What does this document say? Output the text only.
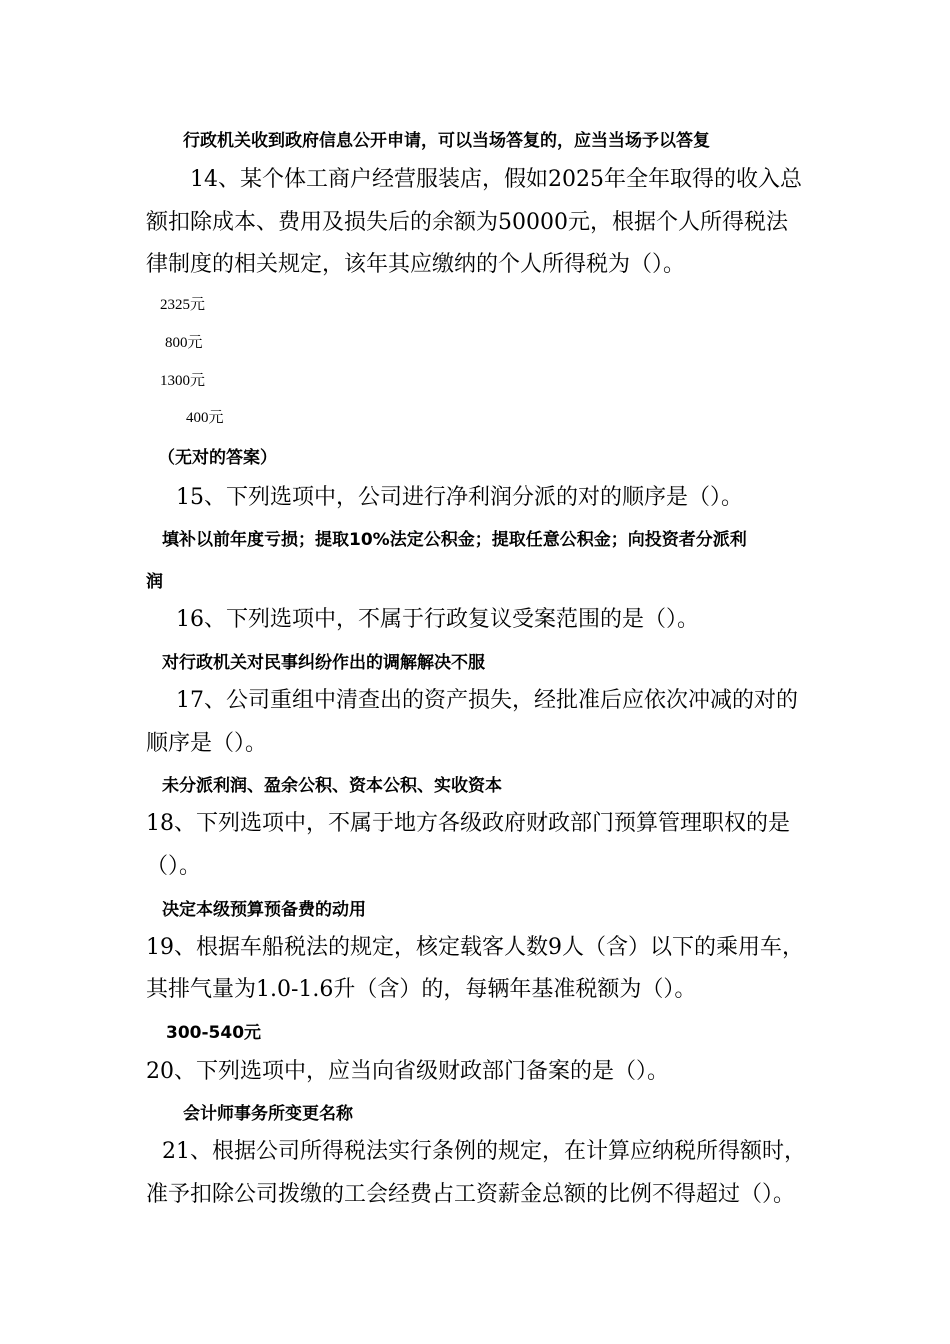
行政机关收到政府信息公开申请，可以当场答复的，应当当场予以答复
14、某个体工商户经营服装店，假如2025年全年取得的收入总
额扣除成本、费用及损失后的余额为50000元，根据个人所得税法
律制度的相关规定，该年其应缴纳的个人所得税为（）。
2325元
800元
1300元
400元
（无对的答案）
15、下列选项中，公司进行净利润分派的对的顺序是（）。
填补以前年度亏损；提取10%法定公积金；提取任意公积金；向投资者分派利
润
16、下列选项中，不属于行政复议受案范围的是（）。
对行政机关对民事纠纷作出的调解解决不服
17、公司重组中清查出的资产损失，经批准后应依次冲减的对的
顺序是（）。
未分派利润、盈余公积、资本公积、实收资本
18、下列选项中，不属于地方各级政府财政部门预算管理职权的是
（）。
决定本级预算预备费的动用
19、根据车船税法的规定，核定载客人数9人（含）以下的乘用车，
其排气量为1.0-1.6升（含）的，每辆年基准税额为（）。
300-540元
20、下列选项中，应当向省级财政部门备案的是（）。
会计师事务所变更名称
21、根据公司所得税法实行条例的规定，在计算应纳税所得额时，
准予扣除公司拨缴的工会经费占工资薪金总额的比例不得超过（）。
